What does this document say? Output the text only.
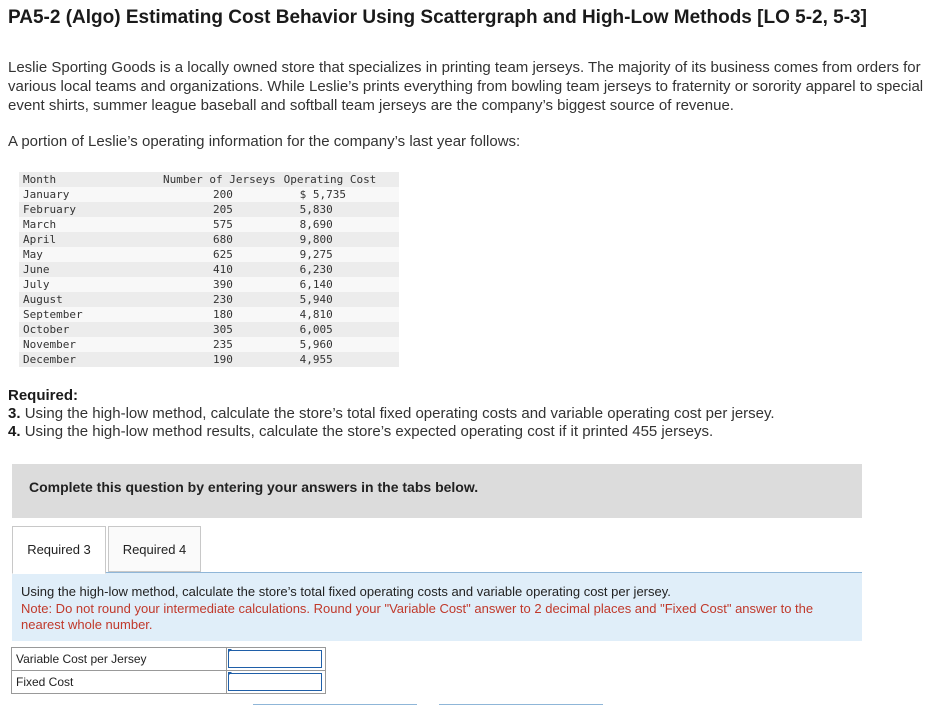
PA5-2 (Algo) Estimating Cost Behavior Using Scattergraph and High-Low Methods [LO 5-2, 5-3]

Leslie Sporting Goods is a locally owned store that specializes in printing team jerseys. The majority of its business comes from orders for various local teams and organizations. While Leslie’s prints everything from bowling team jerseys to fraternity or sorority apparel to special event shirts, summer league baseball and softball team jerseys are the company’s biggest source of revenue.

A portion of Leslie’s operating information for the company’s last year follows:

Month	Number of Jerseys	Operating Cost
January	200	$ 5,735
February	205	5,830
March	575	8,690
April	680	9,800
May	625	9,275
June	410	6,230
July	390	6,140
August	230	5,940
September	180	4,810
October	305	6,005
November	235	5,960
December	190	4,955
Required:
3. Using the high-low method, calculate the store’s total fixed operating costs and variable operating cost per jersey.
4. Using the high-low method results, calculate the store’s expected operating cost if it printed 455 jerseys.
Complete this question by entering your answers in the tabs below.
Required 3	Required 4
Using the high-low method, calculate the store’s total fixed operating costs and variable operating cost per jersey.
Note: Do not round your intermediate calculations. Round your "Variable Cost" answer to 2 decimal places and "Fixed Cost" answer to the nearest whole number.
Variable Cost per Jersey	

Fixed Cost	
